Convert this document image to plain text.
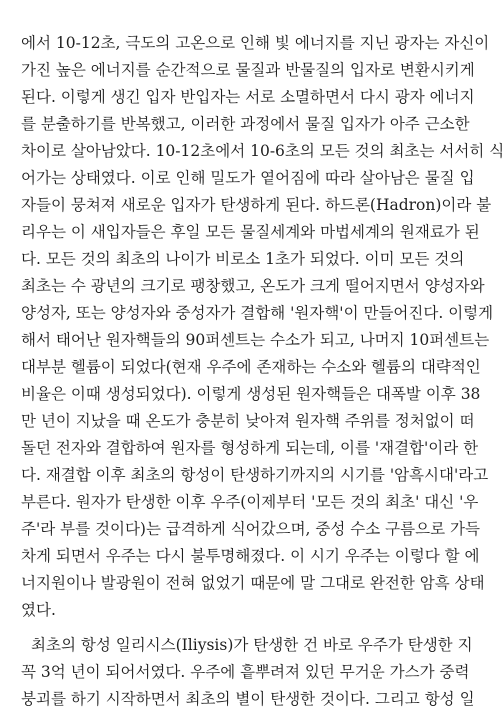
에서 10-12초, 극도의 고온으로 인해 빛 에너지를 지닌 광자는 자신이
가진 높은 에너지를 순간적으로 물질과 반물질의 입자로 변환시키게
된다. 이렇게 생긴 입자 반입자는 서로 소멸하면서 다시 광자 에너지
를 분출하기를 반복했고, 이러한 과정에서 물질 입자가 아주 근소한
차이로 살아남았다. 10-12초에서 10-6초의 모든 것의 최초는 서서히 식
어가는 상태였다. 이로 인해 밀도가 옅어짐에 따라 살아남은 물질 입
자들이 뭉쳐져 새로운 입자가 탄생하게 된다. 하드론(Hadron)이라 불
리우는 이 새입자들은 후일 모든 물질세계와 마법세계의 원재료가 된
다. 모든 것의 최초의 나이가 비로소 1초가 되었다. 이미 모든 것의
최초는 수 광년의 크기로 팽창했고, 온도가 크게 떨어지면서 양성자와
양성자, 또는 양성자와 중성자가 결합해 '원자핵'이 만들어진다. 이렇게
해서 태어난 원자핵들의 90퍼센트는 수소가 되고, 나머지 10퍼센트는
대부분 헬륨이 되었다(현재 우주에 존재하는 수소와 헬륨의 대략적인
비율은 이때 생성되었다). 이렇게 생성된 원자핵들은 대폭발 이후 38
만 년이 지났을 때 온도가 충분히 낮아져 원자핵 주위를 정처없이 떠
돌던 전자와 결합하여 원자를 형성하게 되는데, 이를 '재결합'이라 한
다. 재결합 이후 최초의 항성이 탄생하기까지의 시기를 '암흑시대'라고
부른다. 원자가 탄생한 이후 우주(이제부터 '모든 것의 최초' 대신 '우
주'라 부를 것이다)는 급격하게 식어갔으며, 중성 수소 구름으로 가득
차게 되면서 우주는 다시 불투명해졌다. 이 시기 우주는 이렇다 할 에
너지원이나 발광원이 전혀 없었기 때문에 말 그대로 완전한 암흑 상태
였다.
최초의 항성 일리시스(Iliysis)가 탄생한 건 바로 우주가 탄생한 지
꼭 3억 년이 되어서였다. 우주에 흩뿌려져 있던 무거운 가스가 중력
붕괴를 하기 시작하면서 최초의 별이 탄생한 것이다. 그리고 항성 일
